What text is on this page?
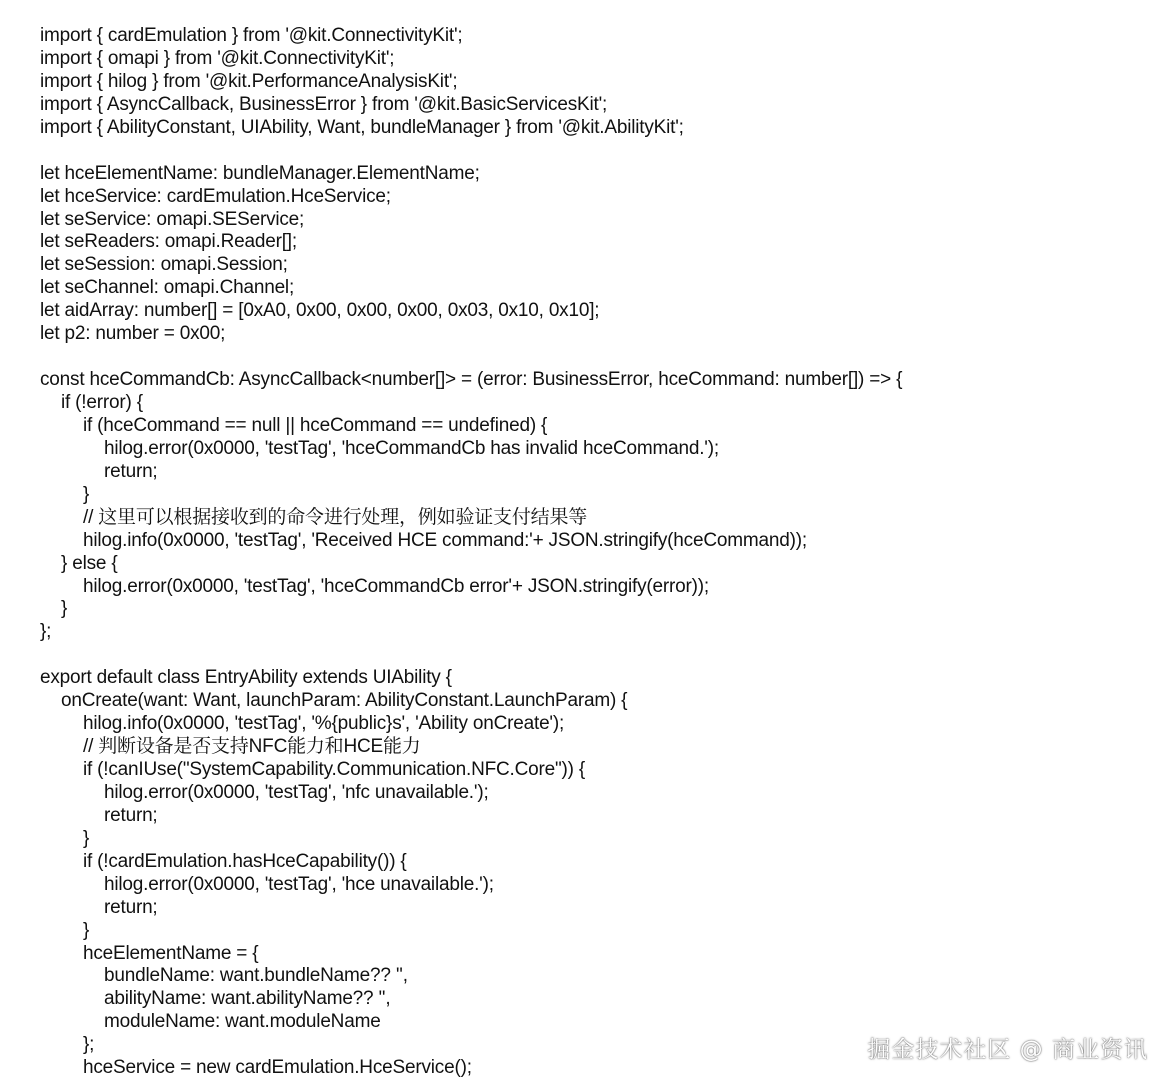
import { cardEmulation } from '@kit.ConnectivityKit';
import { omapi } from '@kit.ConnectivityKit';
import { hilog } from '@kit.PerformanceAnalysisKit';
import { AsyncCallback, BusinessError } from '@kit.BasicServicesKit';
import { AbilityConstant, UIAbility, Want, bundleManager } from '@kit.AbilityKit';
let hceElementName: bundleManager.ElementName;
let hceService: cardEmulation.HceService;
let seService: omapi.SEService;
let seReaders: omapi.Reader[];
let seSession: omapi.Session;
let seChannel: omapi.Channel;
let aidArray: number[] = [0xA0, 0x00, 0x00, 0x00, 0x03, 0x10, 0x10];
let p2: number = 0x00;
const hceCommandCb: AsyncCallback<number[]> = (error: BusinessError, hceCommand: number[]) => {
if (!error) {
if (hceCommand == null || hceCommand == undefined) {
hilog.error(0x0000, 'testTag', 'hceCommandCb has invalid hceCommand.');
return;
}
// 这里可以根据接收到的命令进行处理，例如验证支付结果等
hilog.info(0x0000, 'testTag', 'Received HCE command:'+ JSON.stringify(hceCommand));
} else {
hilog.error(0x0000, 'testTag', 'hceCommandCb error'+ JSON.stringify(error));
}
};
export default class EntryAbility extends UIAbility {
onCreate(want: Want, launchParam: AbilityConstant.LaunchParam) {
hilog.info(0x0000, 'testTag', '%{public}s', 'Ability onCreate');
// 判断设备是否支持NFC能力和HCE能力
if (!canIUse("SystemCapability.Communication.NFC.Core")) {
hilog.error(0x0000, 'testTag', 'nfc unavailable.');
return;
}
if (!cardEmulation.hasHceCapability()) {
hilog.error(0x0000, 'testTag', 'hce unavailable.');
return;
}
hceElementName = {
bundleName: want.bundleName?? '',
abilityName: want.abilityName?? '',
moduleName: want.moduleName
};
hceService = new cardEmulation.HceService();
掘金技术社区 @ 商业资讯
